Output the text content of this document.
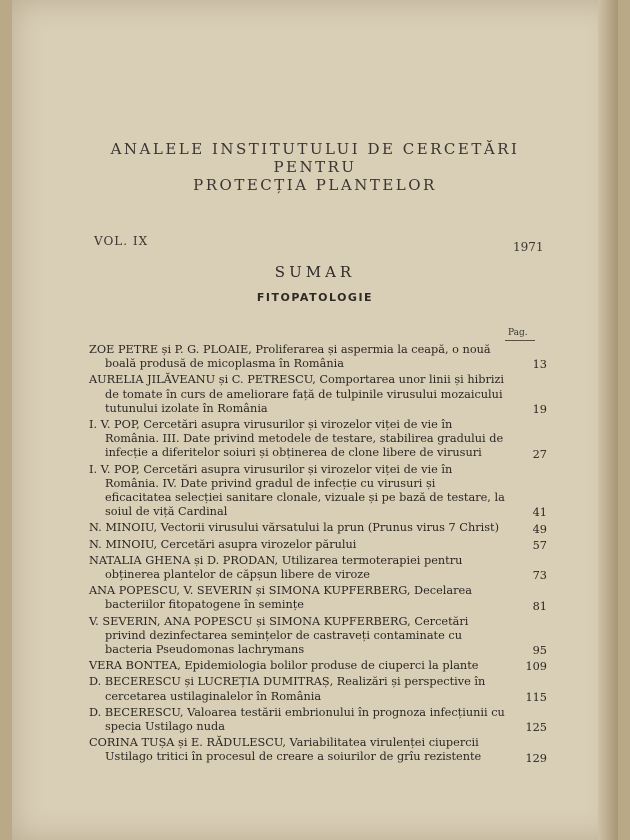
ANALELE INSTITUTULUI DE CERCETĂRI
PENTRU
PROTECȚIA PLANTELOR
VOL. IX	1971
SUMAR
FITOPATOLOGIE
Pag.
ZOE PETRE și P. G. PLOAIE, Proliferarea și aspermia la ceapă, o nouă boală produsă de micoplasma în România	13
AURELIA JILĂVEANU și C. PETRESCU, Comportarea unor linii și hibrizi de tomate în curs de ameliorare față de tulpinile virusului mozaicului tutunului izolate în România	19
I. V. POP, Cercetări asupra virusurilor și virozelor viței de vie în România. III. Date privind metodele de testare, stabilirea gradului de infecție a diferitelor soiuri și obținerea de clone libere de virusuri	27
I. V. POP, Cercetări asupra virusurilor și virozelor viței de vie în România. IV. Date privind gradul de infecție cu virusuri și eficacitatea selecției sanitare clonale, vizuale și pe bază de testare, la soiul de viță Cardinal	41
N. MINOIU, Vectorii virusului vărsatului la prun (Prunus virus 7 Christ)	49
N. MINOIU, Cercetări asupra virozelor părului	57
NATALIA GHENA și D. PRODAN, Utilizarea termoterapiei pentru obținerea plantelor de căpșun libere de viroze	73
ANA POPESCU, V. SEVERIN și SIMONA KUPFERBERG, Decelarea bacteriilor fitopatogene în semințe	81
V. SEVERIN, ANA POPESCU și SIMONA KUPFERBERG, Cercetări privind dezinfectarea semințelor de castraveți contaminate cu bacteria Pseudomonas lachrymans	95
VERA BONTEA, Epidemiologia bolilor produse de ciuperci la plante	109
D. BECERESCU și LUCREȚIA DUMITRAȘ, Realizări și perspective în cercetarea ustilaginalelor în România	115
D. BECERESCU, Valoarea testării embrionului în prognoza infecțiunii cu specia Ustilago nuda	125
CORINA TUȘA și E. RĂDULESCU, Variabilitatea virulenței ciupercii Ustilago tritici în procesul de creare a soiurilor de grîu rezistente	129
